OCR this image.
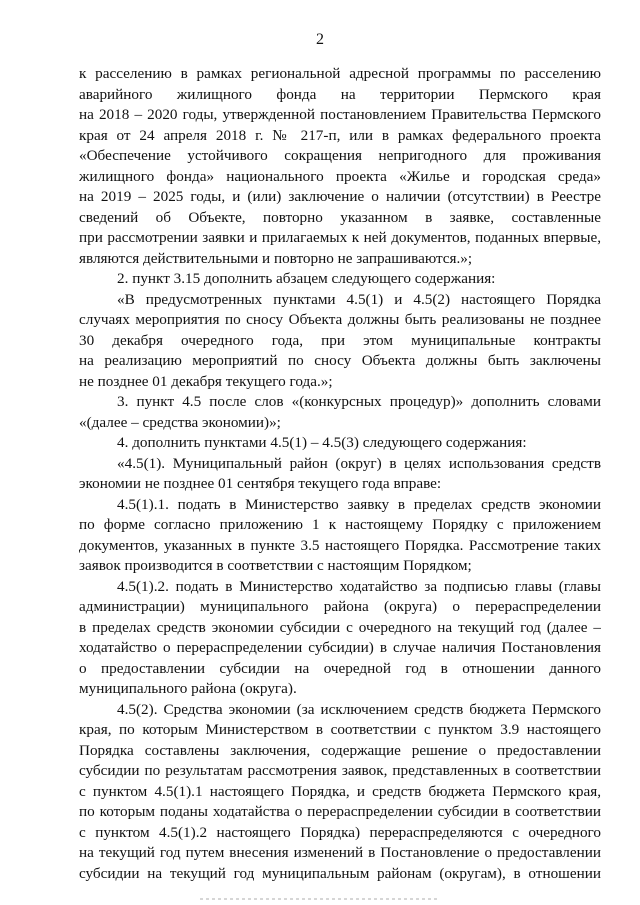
2
к расселению в рамках региональной адресной программы по расселению
аварийного жилищного фонда на территории Пермского края
на 2018 – 2020 годы, утвержденной постановлением Правительства Пермского
края от 24 апреля 2018 г. № 217-п, или в рамках федерального проекта
«Обеспечение устойчивого сокращения непригодного для проживания
жилищного фонда» национального проекта «Жилье и городская среда»
на 2019 – 2025 годы, и (или) заключение о наличии (отсутствии) в Реестре
сведений об Объекте, повторно указанном в заявке, составленные
при рассмотрении заявки и прилагаемых к ней документов, поданных впервые,
являются действительными и повторно не запрашиваются.»;
2. пункт 3.15 дополнить абзацем следующего содержания:
«В предусмотренных пунктами 4.5(1) и 4.5(2) настоящего Порядка
случаях мероприятия по сносу Объекта должны быть реализованы не позднее
30 декабря очередного года, при этом муниципальные контракты
на реализацию мероприятий по сносу Объекта должны быть заключены
не позднее 01 декабря текущего года.»;
3. пункт 4.5 после слов «(конкурсных процедур)» дополнить словами
«(далее – средства экономии)»;
4. дополнить пунктами 4.5(1) – 4.5(3) следующего содержания:
«4.5(1). Муниципальный район (округ) в целях использования средств
экономии не позднее 01 сентября текущего года вправе:
4.5(1).1. подать в Министерство заявку в пределах средств экономии
по форме согласно приложению 1 к настоящему Порядку с приложением
документов, указанных в пункте 3.5 настоящего Порядка. Рассмотрение таких
заявок производится в соответствии с настоящим Порядком;
4.5(1).2. подать в Министерство ходатайство за подписью главы (главы
администрации) муниципального района (округа) о перераспределении
в пределах средств экономии субсидии с очередного на текущий год (далее –
ходатайство о перераспределении субсидии) в случае наличия Постановления
о предоставлении субсидии на очередной год в отношении данного
муниципального района (округа).
4.5(2). Средства экономии (за исключением средств бюджета Пермского
края, по которым Министерством в соответствии с пунктом 3.9 настоящего
Порядка составлены заключения, содержащие решение о предоставлении
субсидии по результатам рассмотрения заявок, представленных в соответствии
с пунктом 4.5(1).1 настоящего Порядка, и средств бюджета Пермского края,
по которым поданы ходатайства о перераспределении субсидии в соответствии
с пунктом 4.5(1).2 настоящего Порядка) перераспределяются с очередного
на текущий год путем внесения изменений в Постановление о предоставлении
субсидии на текущий год муниципальным районам (округам), в отношении
